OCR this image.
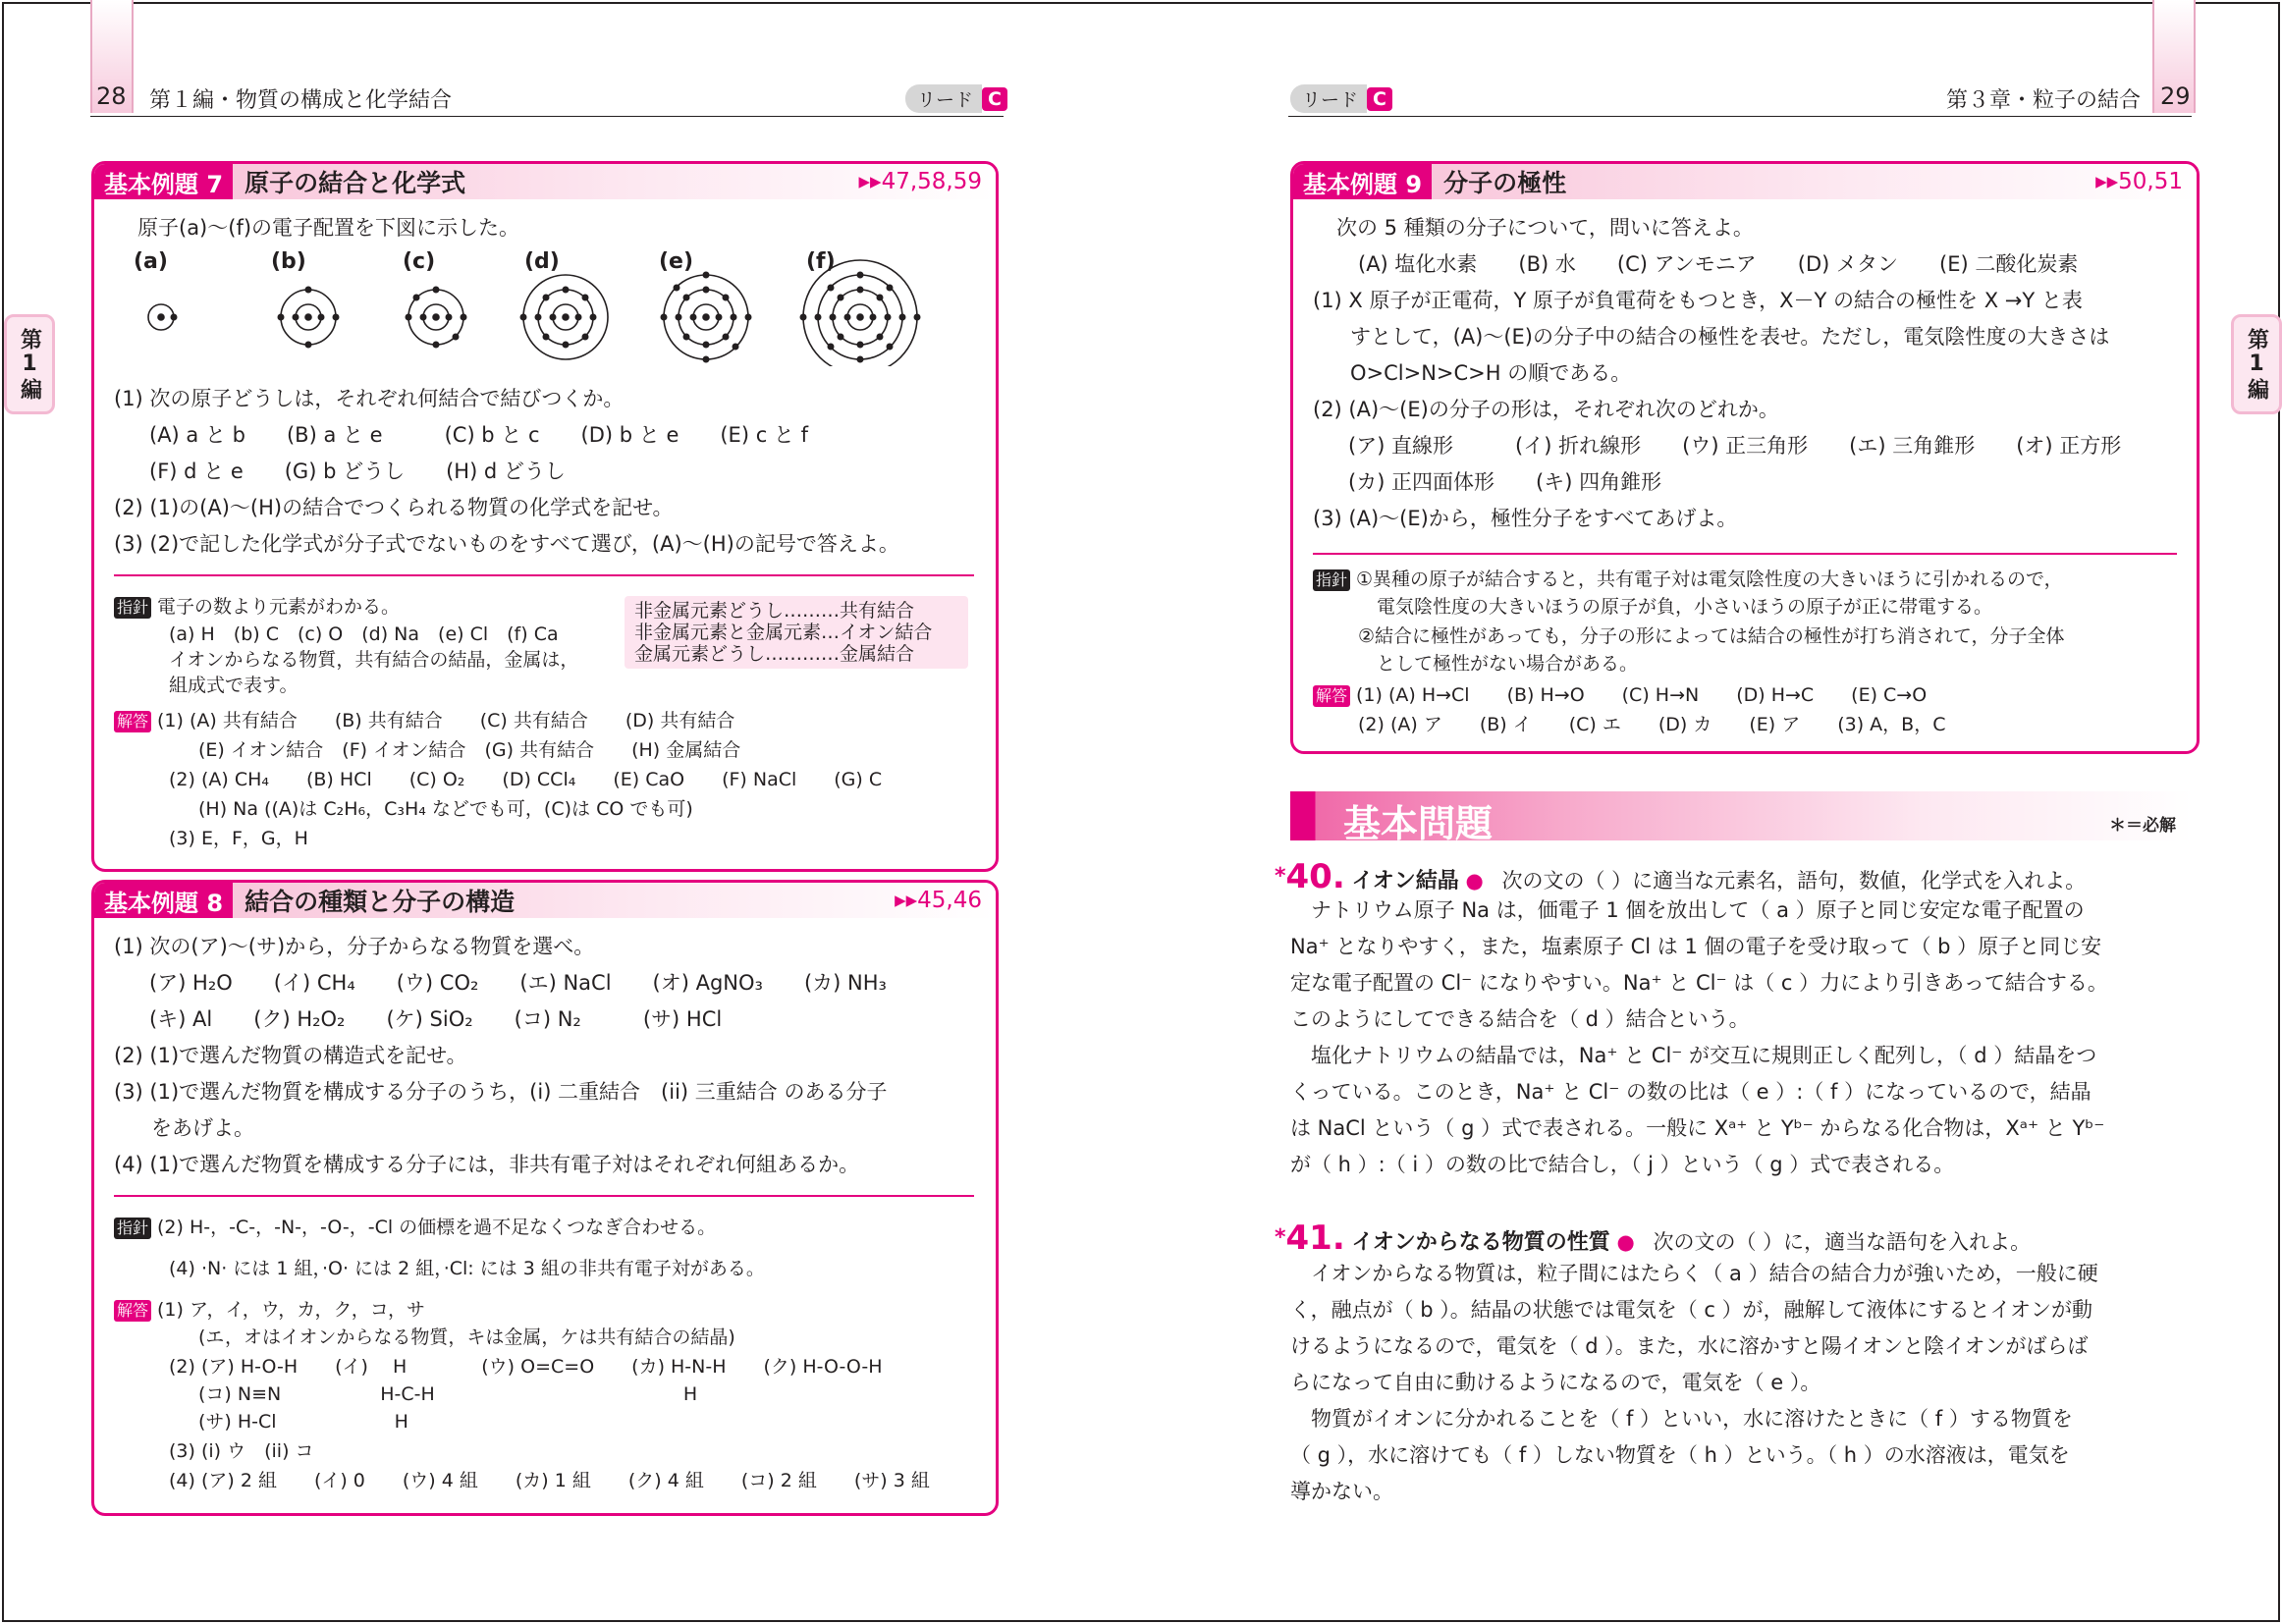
28 第１編・物質の構成と化学結合	リード C
第1編
基本例題 7 原子の結合と化学式	▸▸47,58,59
原子(a)～(f)の電子配置を下図に示した。
(a)	(b)	(c)	(d)	(e)	(f)
(1) 次の原子どうしは，それぞれ何結合で結びつくか。
(A) a と b　　(B) a と e　　　(C) b と c　　(D) b と e　　(E) c と f
(F) d と e　　(G) b どうし　　(H) d どうし
(2) (1)の(A)～(H)の結合でつくられる物質の化学式を記せ。
(3) (2)で記した化学式が分子式でないものをすべて選び，(A)～(H)の記号で答えよ。
指針 電子の数より元素がわかる。
(a) H　(b) C　(c) O　(d) Na　(e) Cl　(f) Ca
イオンからなる物質，共有結合の結晶，金属は，
組成式で表す。
非金属元素どうし………共有結合
非金属元素と金属元素…イオン結合
金属元素どうし…………金属結合
解答 (1) (A) 共有結合　　(B) 共有結合　　(C) 共有結合　　(D) 共有結合
(E) イオン結合　(F) イオン結合　(G) 共有結合　　(H) 金属結合
(2) (A) CH₄　　(B) HCl　　(C) O₂　　(D) CCl₄　　(E) CaO　　(F) NaCl　　(G) C
(H) Na ((A)は C₂H₆，C₃H₄ などでも可，(C)は CO でも可)
(3) E，F，G，H
基本例題 8 結合の種類と分子の構造	▸▸45,46
(1) 次の(ア)～(サ)から，分子からなる物質を選べ。
(ア) H₂O　　(イ) CH₄　　(ウ) CO₂　　(エ) NaCl　　(オ) AgNO₃　　(カ) NH₃
(キ) Al　　(ク) H₂O₂　　(ケ) SiO₂　　(コ) N₂　　　(サ) HCl
(2) (1)で選んだ物質の構造式を記せ。
(3) (1)で選んだ物質を構成する分子のうち，(i) 二重結合　(ii) 三重結合 のある分子
をあげよ。
(4) (1)で選んだ物質を構成する分子には，非共有電子対はそれぞれ何組あるか。
指針 (2) H-，-C-，-N-，-O-，-Cl の価標を過不足なくつなぎ合わせる。
(4) ·N· には 1 組，·O· には 2 組，·Cl: には 3 組の非共有電子対がある。
解答 (1) ア，イ，ウ，カ，ク，コ，サ
(エ，オはイオンからなる物質，キは金属，ケは共有結合の結晶)
(2) (ア) H-O-H　　(イ)　 H　　　　(ウ) O=C=O　　(カ) H-N-H　　(ク) H-O-O-H
(コ) N≡N　　　　　 H-C-H　　　　　　　　　　　　　 H
(サ) H-Cl　　　　　　 H
(3) (i) ウ　(ii) コ
(4) (ア) 2 組　　(イ) 0　　(ウ) 4 組　　(カ) 1 組　　(ク) 4 組　　(コ) 2 組　　(サ) 3 組
リード C	第３章・粒子の結合 29
第1編
基本例題 9 分子の極性	▸▸50,51
次の 5 種類の分子について，問いに答えよ。
(A) 塩化水素　　(B) 水　　(C) アンモニア　　(D) メタン　　(E) 二酸化炭素
(1) X 原子が正電荷，Y 原子が負電荷をもつとき，X－Y の結合の極性を X →Y と表
すとして，(A)～(E)の分子中の結合の極性を表せ。ただし，電気陰性度の大きさは
O>Cl>N>C>H の順である。
(2) (A)～(E)の分子の形は，それぞれ次のどれか。
(ア) 直線形　　　(イ) 折れ線形　　(ウ) 正三角形　　(エ) 三角錐形　　(オ) 正方形
(カ) 正四面体形　　(キ) 四角錐形
(3) (A)～(E)から，極性分子をすべてあげよ。
指針 ①異種の原子が結合すると，共有電子対は電気陰性度の大きいほうに引かれるので，
　電気陰性度の大きいほうの原子が負，小さいほうの原子が正に帯電する。
②結合に極性があっても，分子の形によっては結合の極性が打ち消されて，分子全体
　として極性がない場合がある。
解答 (1) (A) H→Cl　　(B) H→O　　(C) H→N　　(D) H→C　　(E) C→O
(2) (A) ア　　(B) イ　　(C) エ　　(D) カ　　(E) ア　　(3) A，B，C
基本問題	＊＝必解
*40. イオン結晶 ● 次の文の（ ）に適当な元素名，語句，数値，化学式を入れよ。
　ナトリウム原子 Na は，価電子 1 個を放出して（ a ）原子と同じ安定な電子配置の
Na⁺ となりやすく，また，塩素原子 Cl は 1 個の電子を受け取って（ b ）原子と同じ安
定な電子配置の Cl⁻ になりやすい。Na⁺ と Cl⁻ は（ c ）力により引きあって結合する。
このようにしてできる結合を（ d ）結合という。
　塩化ナトリウムの結晶では，Na⁺ と Cl⁻ が交互に規則正しく配列し，（ d ）結晶をつ
くっている。このとき，Na⁺ と Cl⁻ の数の比は（ e ）:（ f ）になっているので，結晶
は NaCl という（ g ）式で表される。一般に Xᵃ⁺ と Yᵇ⁻ からなる化合物は，Xᵃ⁺ と Yᵇ⁻
が（ h ）:（ i ）の数の比で結合し，（ j ）という（ g ）式で表される。
*41. イオンからなる物質の性質 ● 次の文の（ ）に，適当な語句を入れよ。
　イオンからなる物質は，粒子間にはたらく（ a ）結合の結合力が強いため，一般に硬
く，融点が（ b ）。結晶の状態では電気を（ c ）が，融解して液体にするとイオンが動
けるようになるので，電気を（ d ）。また，水に溶かすと陽イオンと陰イオンがばらば
らになって自由に動けるようになるので，電気を（ e ）。
　物質がイオンに分かれることを（ f ）といい，水に溶けたときに（ f ）する物質を
（ g ），水に溶けても（ f ）しない物質を（ h ）という。（ h ）の水溶液は，電気を
導かない。
